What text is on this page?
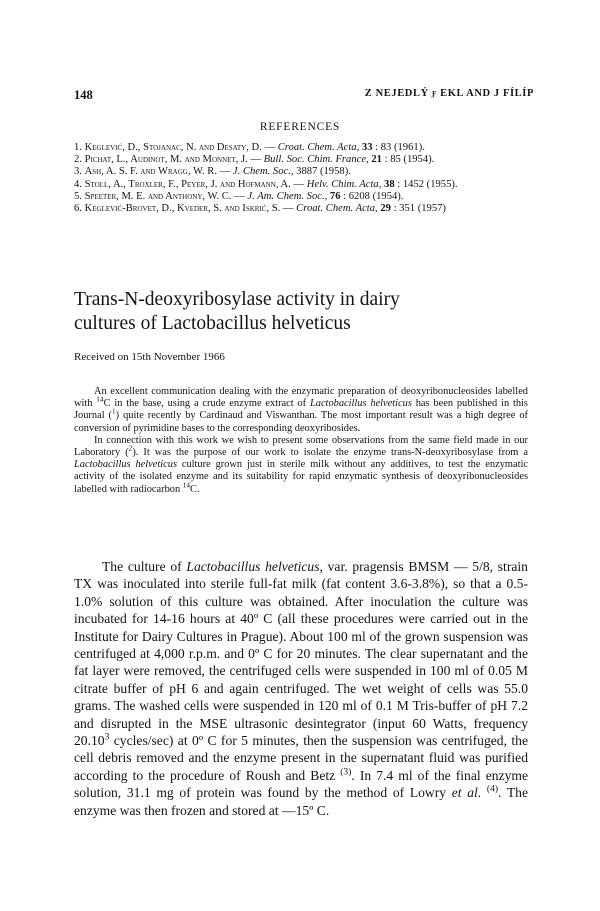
148	Z NEJEDLÝ ƒ EKL AND J FÍLÍP
REFERENCES
1. Keglević, D., Stojanac, N. and Desaty, D. — Croat. Chem. Acta, 33 : 83 (1961).
2. Pichat, L., Audinot, M. and Monnet, J. — Bull. Soc. Chim. France, 21 : 85 (1954).
3. Ash, A. S. F. and Wragg, W. R. — J. Chem. Soc., 3887 (1958).
4. Stoll, A., Troxler, F., Peyer, J. and Hofmann, A. — Helv. Chim. Acta, 38 : 1452 (1955).
5. Speeter, M. E. and Anthony, W. C. — J. Am. Chem. Soc., 76 : 6208 (1954).
6. Keglević-Brovet, D., Kveder, S. and Iskrić, S. — Croat. Chem. Acta, 29 : 351 (1957)
Trans-N-deoxyribosylase activity in dairy
cultures of Lactobacillus helveticus
Received on 15th November 1966

An excellent communication dealing with the enzymatic preparation of deoxyribonucleosides labelled with $^{14}$C in the base, using a crude enzyme extract of Lactobacillus helveticus has been published in this Journal ($^1$) quite recently by Cardinaud and Viswanthan. The most important result was a high degree of conversion of pyrimidine bases to the corresponding deoxyribosides.

In connection with this work we wish to present some observations from the same field made in our Laboratory ($^2$). It was the purpose of our work to isolate the enzyme trans-N-deoxyribosylase from a Lactobacillus helveticus culture grown just in sterile milk without any additives, to test the enzymatic activity of the isolated enzyme and its suitability for rapid enzymatic synthesis of deoxyribonucleosides labelled with radiocarbon $^{14}$C.

The culture of Lactobacillus helveticus, var. pragensis BMSM — 5/8, strain TX was inoculated into sterile full-fat milk (fat content 3.6-3.8%), so that a 0.5-1.0% solution of this culture was obtained. After inoculation the culture was incubated for 14-16 hours at 40º C (all these procedures were carried out in the Institute for Dairy Cultures in Prague). About 100 ml of the grown suspension was centrifuged at 4,000 r.p.m. and 0º C for 20 minutes. The clear supernatant and the fat layer were removed, the centrifuged cells were suspended in 100 ml of 0.05 M citrate buffer of pH 6 and again centrifuged. The wet weight of cells was 55.0 grams. The washed cells were suspended in 120 ml of 0.1 M Tris-buffer of pH 7.2 and disrupted in the MSE ultrasonic desintegrator (input 60 Watts, frequency 20.10$^3$ cycles/sec) at 0º C for 5 minutes, then the suspension was centrifuged, the cell debris removed and the enzyme present in the supernatant fluid was purified according to the procedure of Roush and Betz $^{(3)}$. In 7.4 ml of the final enzyme solution, 31.1 mg of protein was found by the method of Lowry et al. $^{(4)}$. The enzyme was then frozen and stored at —15º C.
